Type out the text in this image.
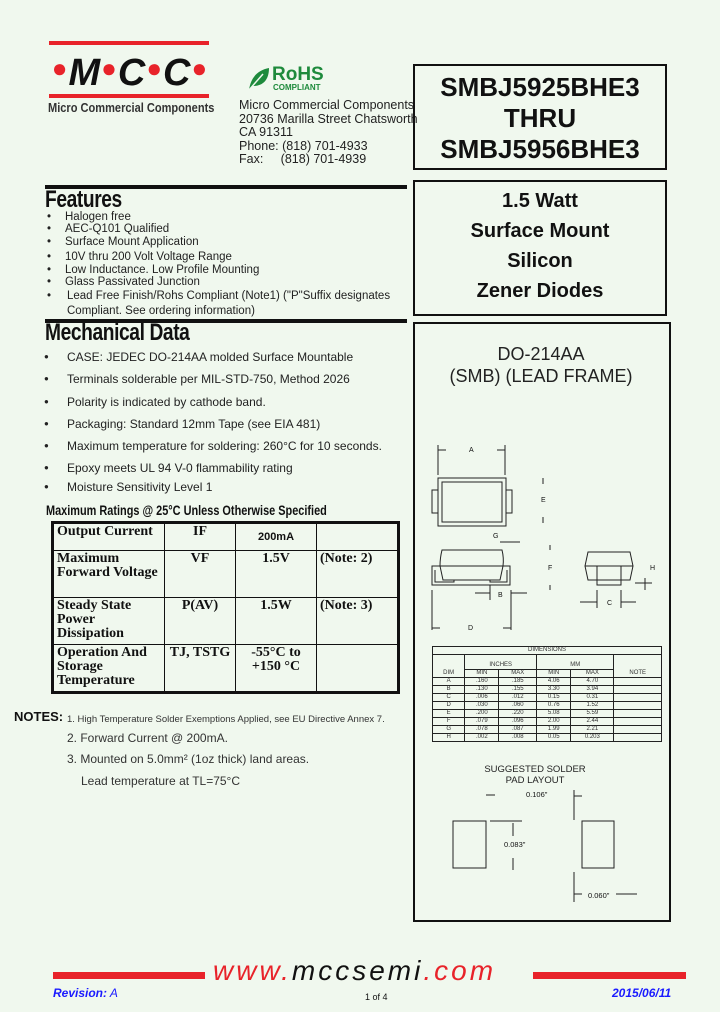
●M●C●C●
Micro Commercial Components
RoHS
COMPLIANT
Micro Commercial Components
20736 Marilla Street Chatsworth
CA 91311
Phone: (818) 701-4933
Fax:     (818) 701-4939
SMBJ5925BHE3
THRU
SMBJ5956BHE3
1.5 Watt
Surface Mount
Silicon
Zener Diodes
DO-214AA
(SMB) (LEAD FRAME)
A
E
G
F
B
C
H
D
DIMENSIONS					
DIM	INCHES		MM		NOTE
	MIN	MAX	MIN	MAX	
A	.160	.185	4.06	4.70	
B	.130	.155	3.30	3.94	
C	.006	.012	0.15	0.31	
D	.030	.060	0.76	1.52	
E	.200	.220	5.08	5.59	
F	.079	.096	2.00	2.44	
G	.078	.087	1.99	2.21	
H	.002	.008	0.05	0.203	
SUGGESTED SOLDER
PAD LAYOUT
0.106"
0.083"
0.060"
Features
• Halogen free
• AEC-Q101 Qualified
• Surface Mount Application
• 10V thru 200 Volt Voltage Range
• Low Inductance. Low Profile Mounting
• Glass Passivated Junction
• Lead Free Finish/Rohs Compliant (Note1) ("P"Suffix designates Compliant. See ordering information)
Mechanical Data
● CASE: JEDEC DO-214AA molded Surface Mountable
● Terminals solderable per MIL-STD-750, Method 2026
● Polarity is indicated by cathode band.
● Packaging: Standard 12mm Tape (see EIA 481)
● Maximum temperature for soldering: 260°C for 10 seconds.
● Epoxy meets UL 94 V-0 flammability rating
● Moisture Sensitivity Level 1
Maximum Ratings @ 25°C Unless Otherwise Specified
Output Current	IF	200mA	
Maximum Forward Voltage	VF	1.5V	(Note: 2)
Steady State Power Dissipation	P(AV)	1.5W	(Note: 3)
Operation And Storage Temperature	TJ, TSTG	-55°C to +150 °C	
NOTES: 1. High Temperature Solder Exemptions Applied, see EU Directive Annex 7.
2. Forward Current @ 200mA.
3. Mounted on 5.0mm² (1oz thick) land areas.
Lead temperature at TL=75°C
www.mccsemi.com
Revision: A	1 of 4	2015/06/11
